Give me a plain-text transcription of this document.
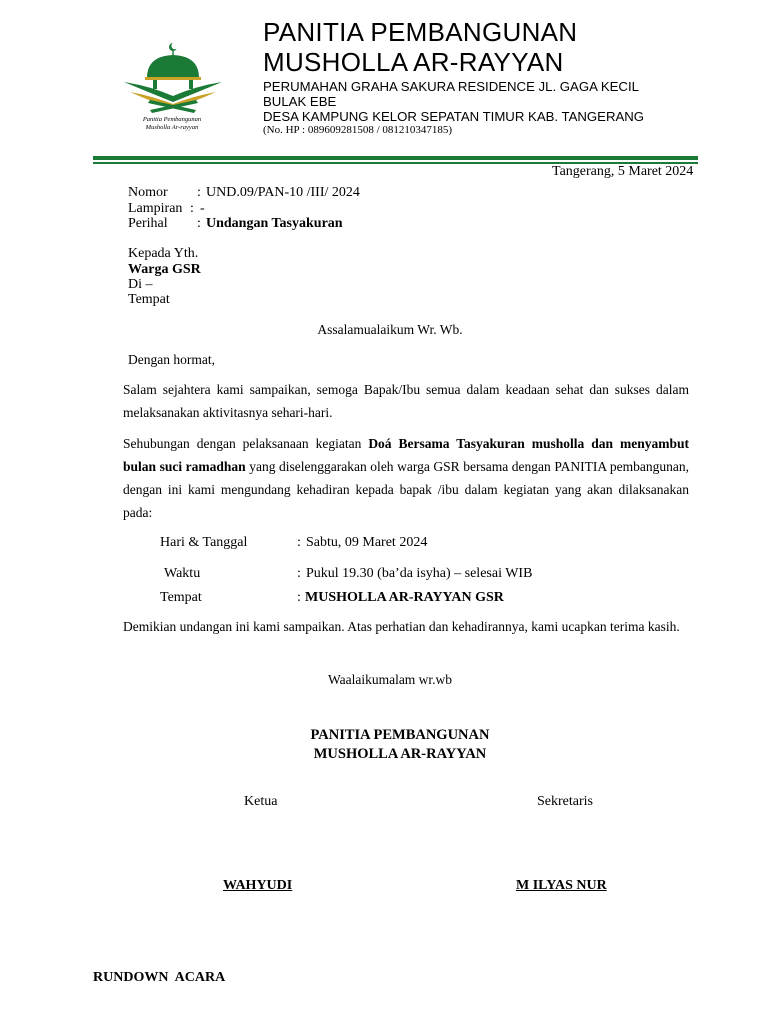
Panitia Pembangunan
Musholla Ar-rayyan
PANITIA PEMBANGUNAN
MUSHOLLA AR-RAYYAN
PERUMAHAN GRAHA SAKURA RESIDENCE JL. GAGA KECIL
BULAK EBE
DESA KAMPUNG KELOR SEPATAN TIMUR KAB. TANGERANG
(No. HP : 089609281508 / 081210347185)
Tangerang, 5 Maret 2024
Nomor : UND.09/PAN-10 /III/ 2024
Lampiran : -
Perihal : Undangan Tasyakuran
Kepada Yth.
Warga GSR
Di –
Tempat
Assalamualaikum Wr. Wb.
Dengan hormat,
Salam sejahtera kami sampaikan, semoga Bapak/Ibu semua dalam keadaan sehat dan sukses dalam melaksanakan aktivitasnya sehari-hari.
Sehubungan dengan pelaksanaan kegiatan Doá Bersama Tasyakuran musholla dan menyambut bulan suci ramadhan yang diselenggarakan oleh warga GSR bersama dengan PANITIA pembangunan, dengan ini kami mengundang kehadiran kepada bapak /ibu dalam kegiatan yang akan dilaksanakan pada:
Hari & Tanggal	: Sabtu, 09 Maret 2024
Waktu	: Pukul 19.30 (ba’da isyha) – selesai WIB
Tempat	: MUSHOLLA AR-RAYYAN GSR
Demikian undangan ini kami sampaikan. Atas perhatian dan kehadirannya, kami ucapkan terima kasih.
Waalaikumalam wr.wb
PANITIA PEMBANGUNAN
MUSHOLLA AR-RAYYAN
Ketua	Sekretaris
WAHYUDI	M ILYAS NUR
RUNDOWN  ACARA
